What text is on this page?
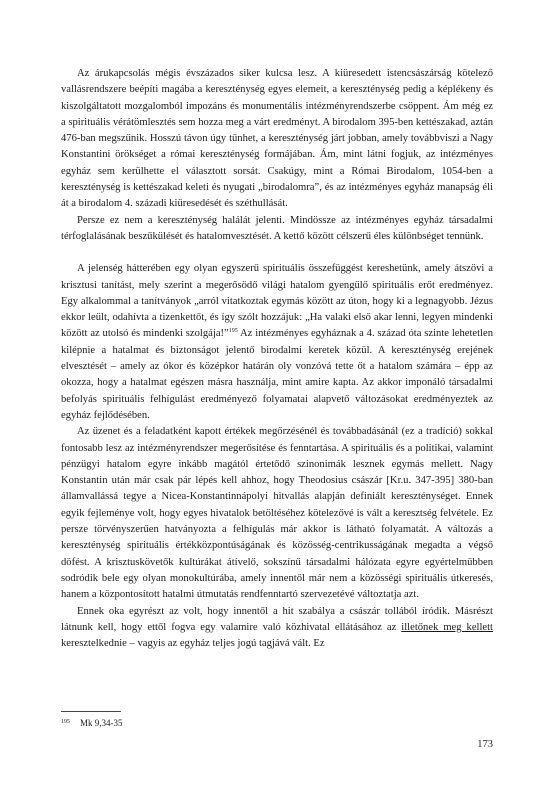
Az árukapcsolás mégis évszázados siker kulcsa lesz. A kiüresedett istencsászárság kötelező vallásrendszere beépíti magába a kereszténység egyes elemeit, a kereszténység pedig a képlékeny és kiszolgáltatott mozgalomból impozáns és monumentális intézményrendszerbe csöppent. Ám még ez a spirituális vérátömlesztés sem hozza meg a várt eredményt. A birodalom 395-ben kettészakad, aztán 476-ban megszűnik. Hosszú távon úgy tűnhet, a kereszténység járt jobban, amely továbbviszi a Nagy Konstantini örökséget a római kereszténység formájában. Ám, mint látni fogjuk, az intézményes egyház sem kerülhette el választott sorsát. Csakúgy, mint a Római Birodalom, 1054-ben a kereszténység is kettészakad keleti és nyugati „birodalomra”, és az intézményes egyház manapság éli át a birodalom 4. századi kiüresedését és széthullását.

Persze ez nem a kereszténység halálát jelenti. Mindössze az intézményes egyház társadalmi térfoglalásának beszűkülését és hatalomvesztését. A kettő között célszerű éles különbséget tennünk.

A jelenség hátterében egy olyan egyszerű spirituális összefüggést kereshetünk, amely átszövi a krisztusi tanítást, mely szerint a megerősödő világi hatalom gyengülő spirituális erőt eredményez. Egy alkalommal a tanítványok „arról vitatkoztak egymás között az úton, hogy ki a legnagyobb. Jézus ekkor leült, odahívta a tizenkettőt, és így szólt hozzájuk: „Ha valaki első akar lenni, legyen mindenki között az utolsó és mindenki szolgája!”$^{195}$ Az intézményes egyháznak a 4. század óta szinte lehetetlen kilépnie a hatalmat és biztonságot jelentő birodalmi keretek közül. A kereszténység erejének elvesztését – amely az ókor és középkor határán oly vonzóvá tette őt a hatalom számára – épp az okozza, hogy a hatalmat egészen másra használja, mint amire kapta. Az akkor imponáló társadalmi befolyás spirituális felhígulást eredményező folyamatai alapvető változásokat eredményeztek az egyház fejlődésében.

Az üzenet és a feladatként kapott értékek megőrzésénél és továbbadásánál (ez a tradíció) sokkal fontosabb lesz az intézményrendszer megerősítése és fenntartása. A spirituális és a politikai, valamint pénzügyi hatalom egyre inkább magától értetődő szinonimák lesznek egymás mellett. Nagy Konstantin után már csak pár lépés kell ahhoz, hogy Theodosius császár [Kr.u. 347-395] 380-ban államvallássá tegye a Nicea-Konstantinnápolyi hitvallás alapján definiált kereszténységet. Ennek egyik fejleménye volt, hogy egyes hivatalok betöltéséhez kötelezővé is vált a keresztség felvétele. Ez persze törvényszerűen hatványozta a felhígulás már akkor is látható folyamatát. A változás a kereszténység spirituális értékközpontúságának és közösség-centrikusságának megadta a végső döfést. A krisztuskövetők kultúrákat átívelő, sokszínű társadalmi hálózata egyre egyértelműbben sodródik bele egy olyan monokultúrába, amely innentől már nem a közösségi spirituális útkeresés, hanem a központosított hatalmi útmutatás rendfenntartó szervezetévé változtatja azt.

Ennek oka egyrészt az volt, hogy innentől a hit szabálya a császár tollából íródik. Másrészt látnunk kell, hogy ettől fogva egy valamire való közhivatal ellátásához az illetőnek meg kellett keresztelkednie – vagyis az egyház teljes jogú tagjává vált. Ez

$^{195}$ Mk 9,34-35
173
